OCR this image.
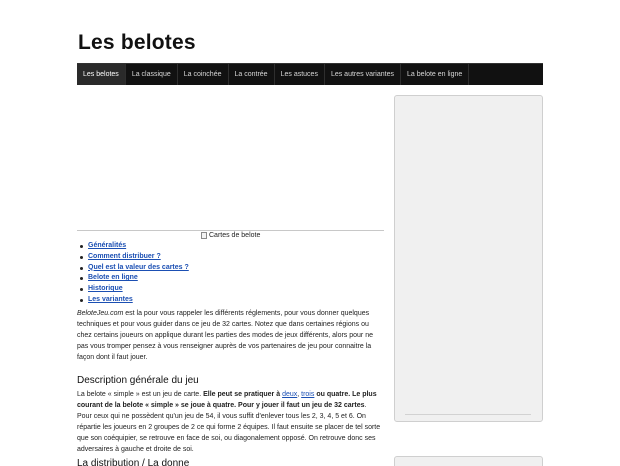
Les belotes
Les belotes	La classique	La coinchée	La contrée	Les astuces	Les autres variantes	La belote en ligne
Cartes de belote
Généralités
Comment distribuer ?
Quel est la valeur des cartes ?
Belote en ligne
Historique
Les variantes

BeloteJeu.com est la pour vous rappeler les différents réglements, pour vous donner quelques techniques et pour vous guider dans ce jeu de 32 cartes. Notez que dans certaines régions ou chez certains joueurs on applique durant les parties des modes de jeux différents, alors pour ne pas vous tromper pensez à vous renseigner auprès de vos partenaires de jeu pour connaitre la façon dont il faut jouer.

Description générale du jeu

La belote « simple » est un jeu de carte. Elle peut se pratiquer à deux, trois ou quatre. Le plus courant de la belote « simple » se joue à quatre. Pour y jouer il faut un jeu de 32 cartes. Pour ceux qui ne possèdent qu'un jeu de 54, il vous suffit d'enlever tous les 2, 3, 4, 5 et 6. On répartie les joueurs en 2 groupes de 2 ce qui forme 2 équipes. Il faut ensuite se placer de tel sorte que son coéquipier, se retrouve en face de soi, ou diagonalement opposé. On retrouve donc ses adversaires à gauche et droite de soi.

La distribution / La donne
